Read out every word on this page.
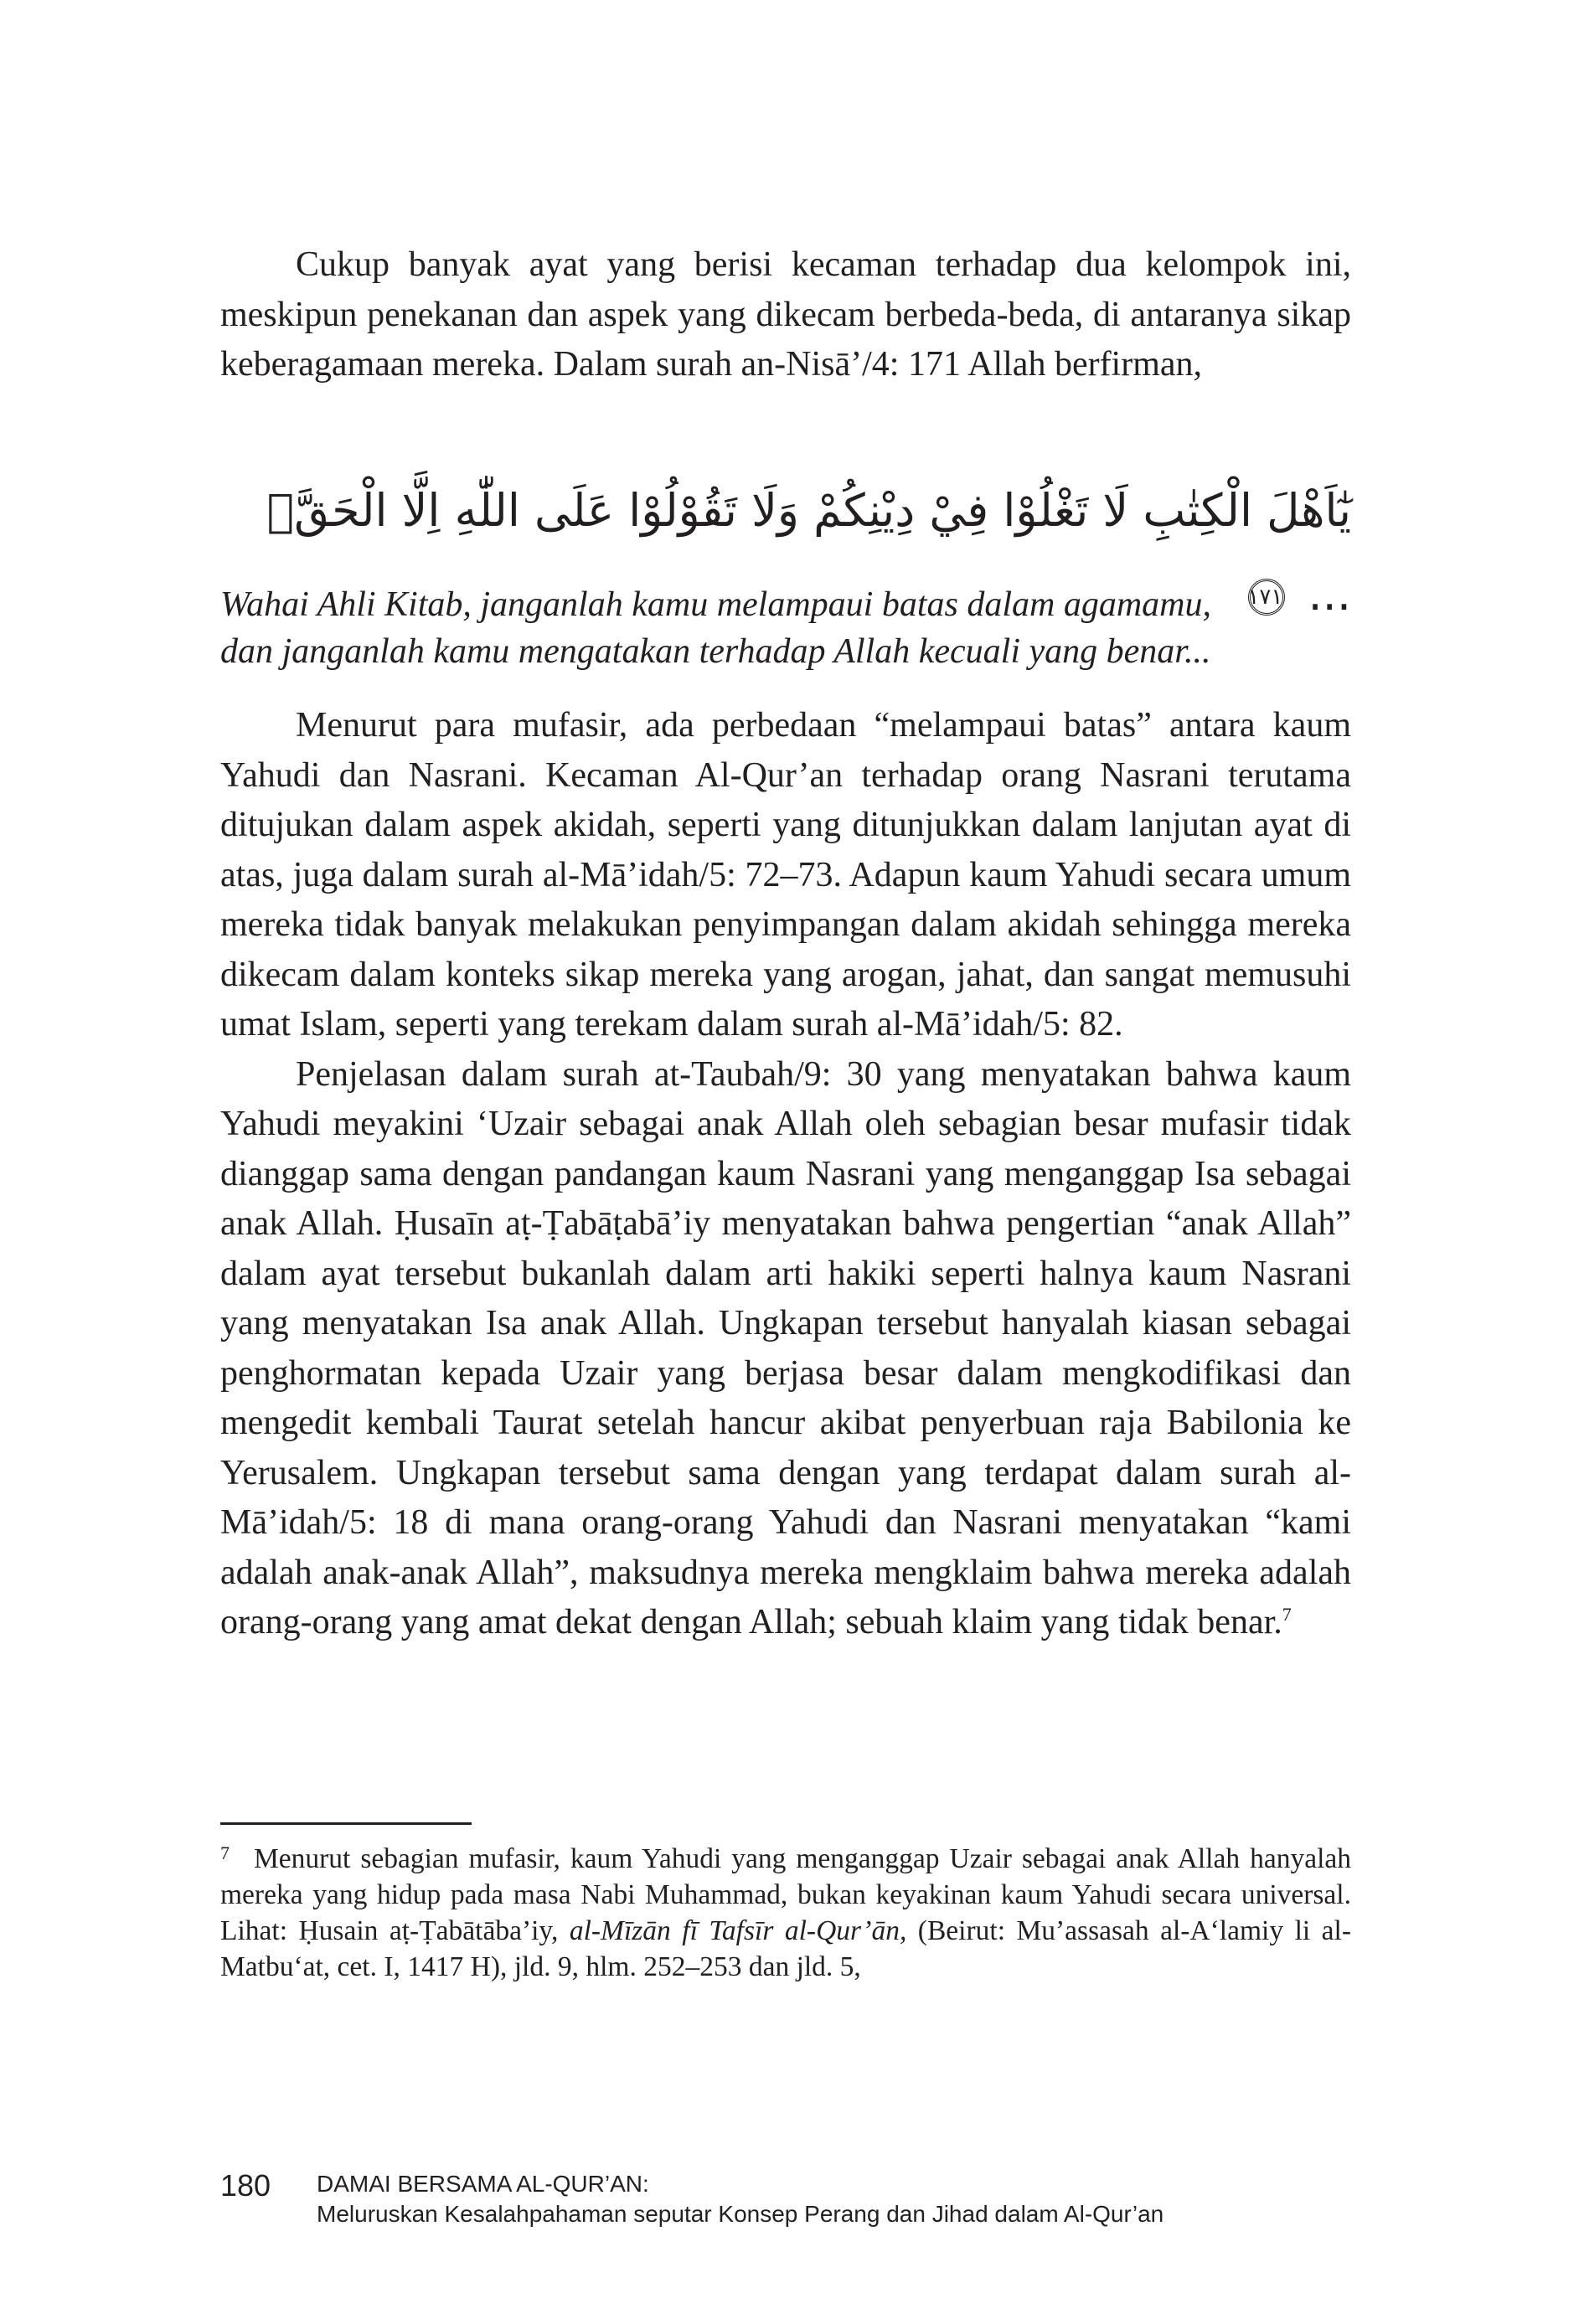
Cukup banyak ayat yang berisi kecaman terhadap dua kelompok ini, meskipun penekanan dan aspek yang dikecam berbeda-beda, di antaranya sikap keberagamaan mereka. Dalam surah an-Nisā’/4: 171 Allah berfirman,

يٰٓاَهْلَ الْكِتٰبِ لَا تَغْلُوْا فِيْ دِيْنِكُمْ وَلَا تَقُوْلُوْا عَلَى اللّٰهِ اِلَّا الْحَقَّۗ ... ١٧١

Wahai Ahli Kitab, janganlah kamu melampaui batas dalam agamamu,

dan janganlah kamu mengatakan terhadap Allah kecuali yang benar...

Menurut para mufasir, ada perbedaan “melampaui batas” antara kaum Yahudi dan Nasrani. Kecaman Al-Qur’an terhadap orang Nasrani terutama ditujukan dalam aspek akidah, seperti yang ditunjukkan dalam lanjutan ayat di atas, juga dalam surah al-Mā’idah/5: 72–73. Adapun kaum Yahudi secara umum mereka tidak banyak melakukan penyimpangan dalam akidah sehingga mereka dikecam dalam konteks sikap mereka yang arogan, jahat, dan sangat memusuhi umat Islam, seperti yang terekam dalam surah al-Mā’idah/5: 82.

Penjelasan dalam surah at-Taubah/9: 30 yang menyatakan bahwa kaum Yahudi meyakini ‘Uzair sebagai anak Allah oleh sebagian besar mufasir tidak dianggap sama dengan pandangan kaum Nasrani yang menganggap Isa sebagai anak Allah. Ḥusaīn aṭ-Ṭabāṭabā’iy menyatakan bahwa pengertian “anak Allah” dalam ayat tersebut bukanlah dalam arti hakiki seperti halnya kaum Nasrani yang menyatakan Isa anak Allah. Ungkapan tersebut hanyalah kiasan sebagai penghormatan kepada Uzair yang berjasa besar dalam mengkodifikasi dan mengedit kembali Taurat setelah hancur akibat penyerbuan raja Babilonia ke Yerusalem. Ungkapan tersebut sama dengan yang terdapat dalam surah al-Mā’idah/5: 18 di mana orang-orang Yahudi dan Nasrani menyatakan “kami adalah anak-anak Allah”, maksudnya mereka mengklaim bahwa mereka adalah orang-orang yang amat dekat dengan Allah; sebuah klaim yang tidak benar.$^7$

7 Menurut sebagian mufasir, kaum Yahudi yang menganggap Uzair sebagai anak Allah hanyalah mereka yang hidup pada masa Nabi Muhammad, bukan keyakinan kaum Yahudi secara universal. Lihat: Ḥusain aṭ-Ṭabātāba’iy, al-Mīzān fī Tafsīr al-Qur’ān, (Beirut: Mu’assasah al-A‘lamiy li al-Matbu‘at, cet. I, 1417 H), jld. 9, hlm. 252–253 dan jld. 5,
180 DAMAI BERSAMA AL-QUR’AN:
Meluruskan Kesalahpahaman seputar Konsep Perang dan Jihad dalam Al-Qur’an
